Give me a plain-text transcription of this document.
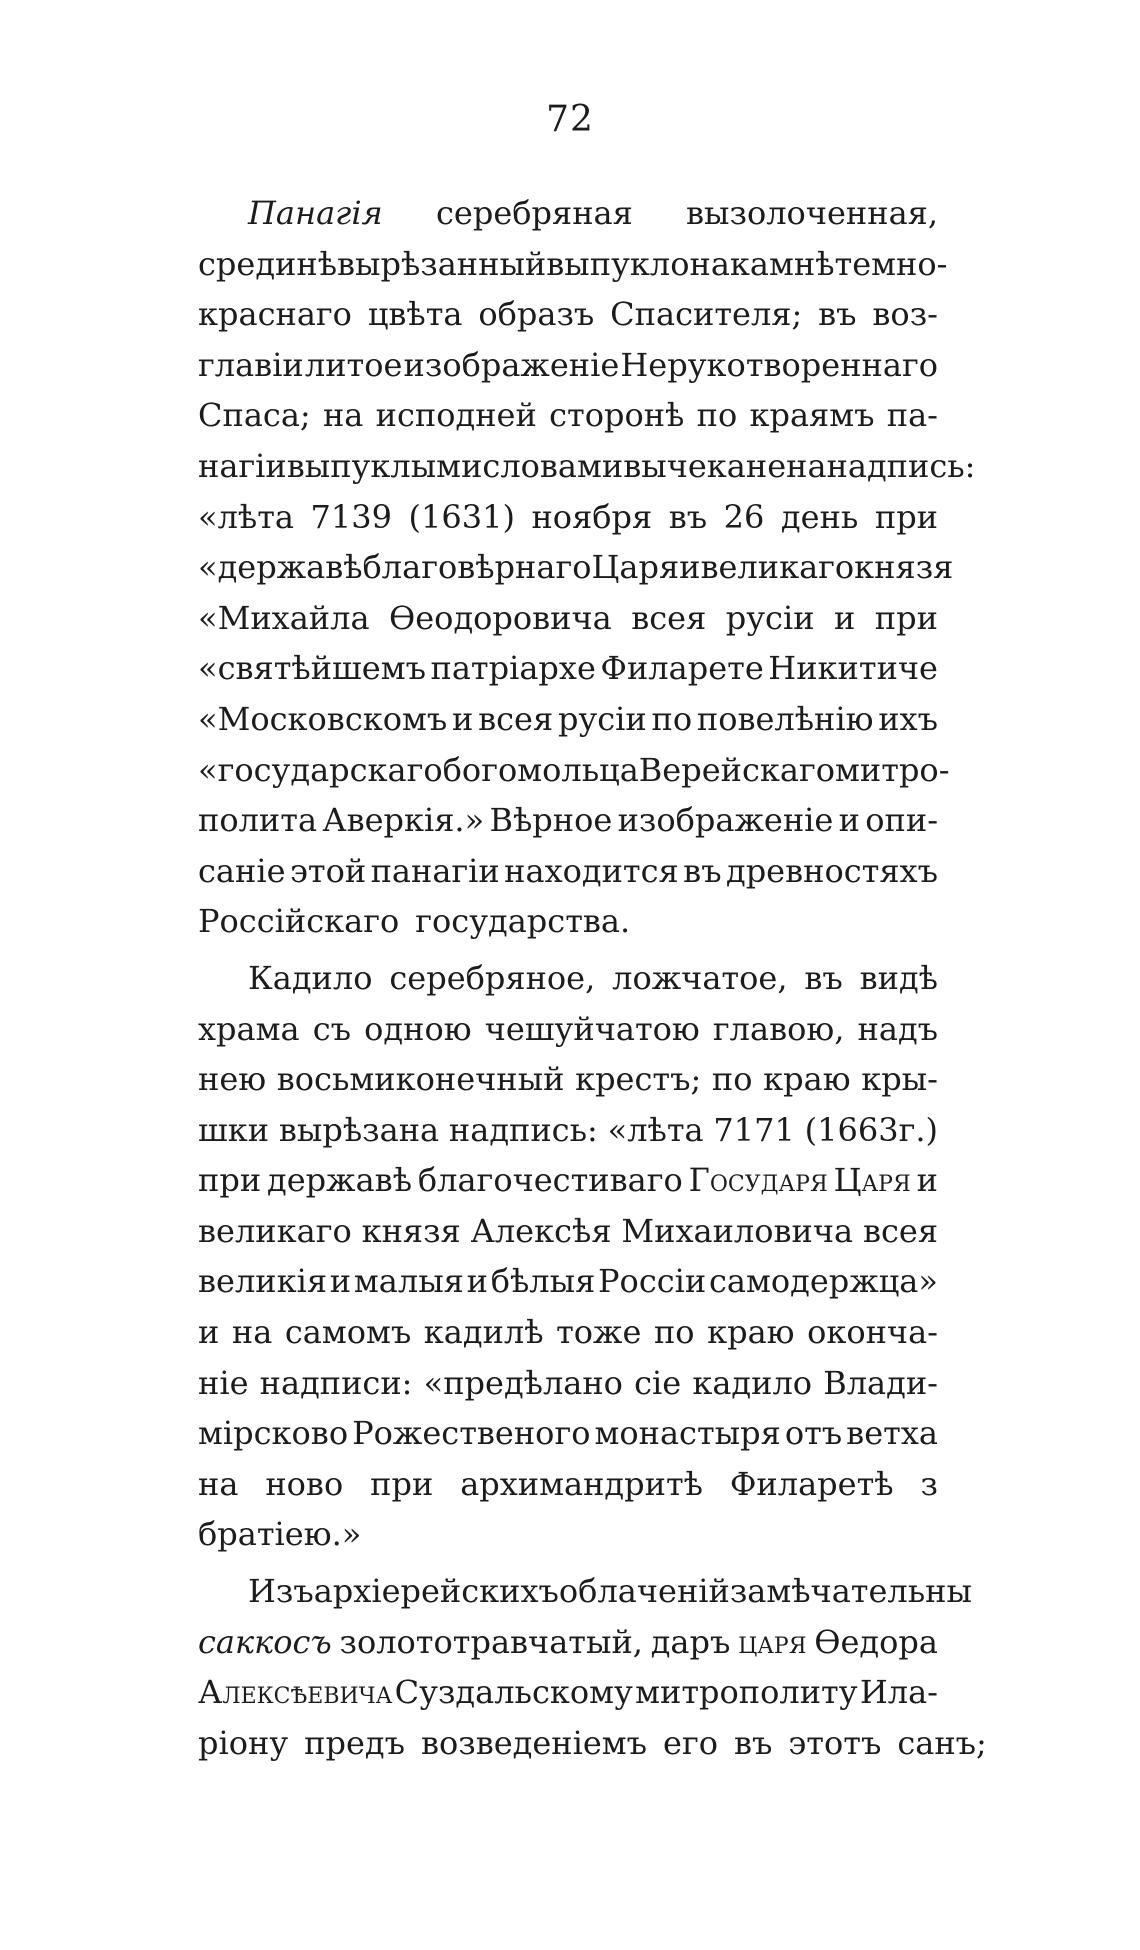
72
Панагія серебряная вызолоченная,
срединѣ вырѣзанный выпукло на камнѣ темно-
краснаго цвѣта образъ Спасителя; въ воз-
главіи литое изображеніе Нерукотвореннаго
Спаса; на исподней сторонѣ по краямъ па-
нагіи выпуклыми словами вычеканена надпись:
«лѣта 7139 (1631) ноября въ 26 день при
«державѣ благовѣрнаго Царя и великаго князя
«Михайла Ѳеодоровича всея русіи и при
«святѣйшемъ патріархе Филарете Никитиче
«Московскомъ и всея русіи по повелѣнію ихъ
«государскаго богомольца Верейскаго митро-
полита Аверкія.» Вѣрное изображеніе и опи-
саніе этой панагіи находится въ древностяхъ
Россійскаго государства.
Кадило серебряное, ложчатое, въ видѣ
храма съ одною чешуйчатою главою, надъ
нею восьмиконечный крестъ; по краю кры-
шки вырѣзана надпись: «лѣта 7171 (1663г.)
при державѣ благочестиваго Государя Царя и
великаго князя Алексѣя Михаиловича всея
великія и малыя и бѣлыя Россіи самодержца»
и на самомъ кадилѣ тоже по краю окончa-
ніе надписи: «предѣлано сіе кадило Влади-
мірсково Рожественого монастыря отъ ветха
на ново при архимандритѣ Филаретѣ з
братіею.»
Изъ архіерейскихъ облаченій замѣчательны
саккосъ золототравчатый, даръ царя Ѳедора
Алексѣевича Суздальскому митрополиту Ила-
ріону предъ возведеніемъ его въ этотъ санъ;
